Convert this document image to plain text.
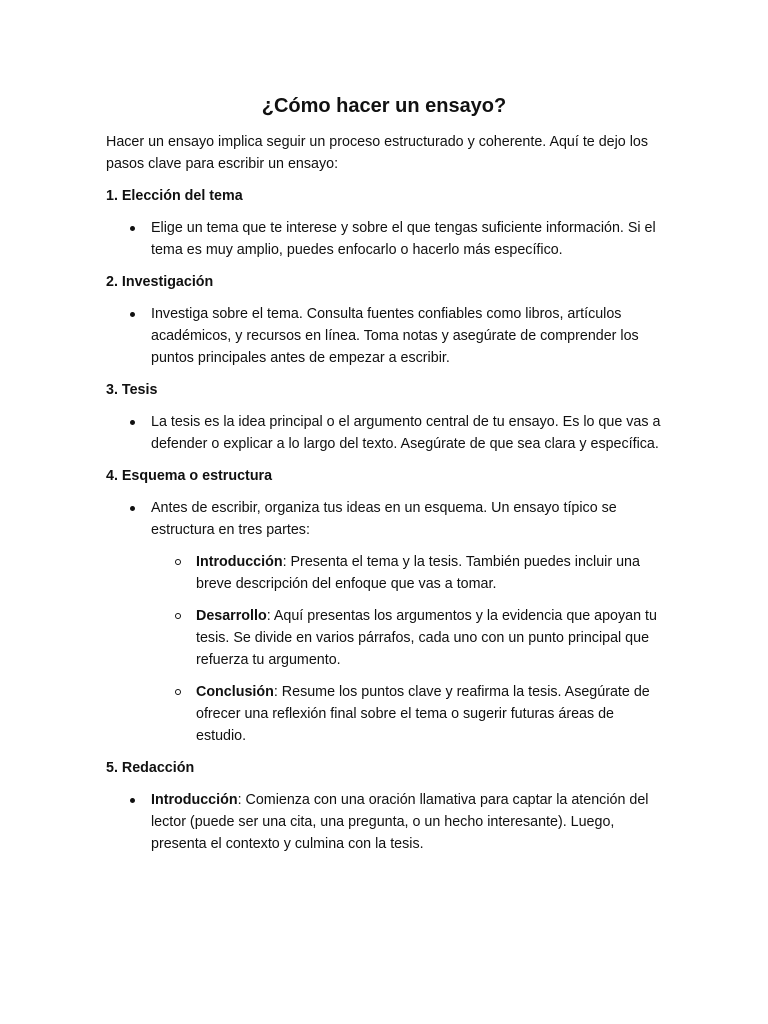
¿Cómo hacer un ensayo?

Hacer un ensayo implica seguir un proceso estructurado y coherente. Aquí te dejo los pasos clave para escribir un ensayo:

1. Elección del tema

Elige un tema que te interese y sobre el que tengas suficiente información. Si el tema es muy amplio, puedes enfocarlo o hacerlo más específico.

2. Investigación

Investiga sobre el tema. Consulta fuentes confiables como libros, artículos académicos, y recursos en línea. Toma notas y asegúrate de comprender los puntos principales antes de empezar a escribir.

3. Tesis

La tesis es la idea principal o el argumento central de tu ensayo. Es lo que vas a defender o explicar a lo largo del texto. Asegúrate de que sea clara y específica.

4. Esquema o estructura

Antes de escribir, organiza tus ideas en un esquema. Un ensayo típico se estructura en tres partes:

Introducción: Presenta el tema y la tesis. También puedes incluir una breve descripción del enfoque que vas a tomar.

Desarrollo: Aquí presentas los argumentos y la evidencia que apoyan tu tesis. Se divide en varios párrafos, cada uno con un punto principal que refuerza tu argumento.

Conclusión: Resume los puntos clave y reafirma la tesis. Asegúrate de ofrecer una reflexión final sobre el tema o sugerir futuras áreas de estudio.

5. Redacción

Introducción: Comienza con una oración llamativa para captar la atención del lector (puede ser una cita, una pregunta, o un hecho interesante). Luego, presenta el contexto y culmina con la tesis.
